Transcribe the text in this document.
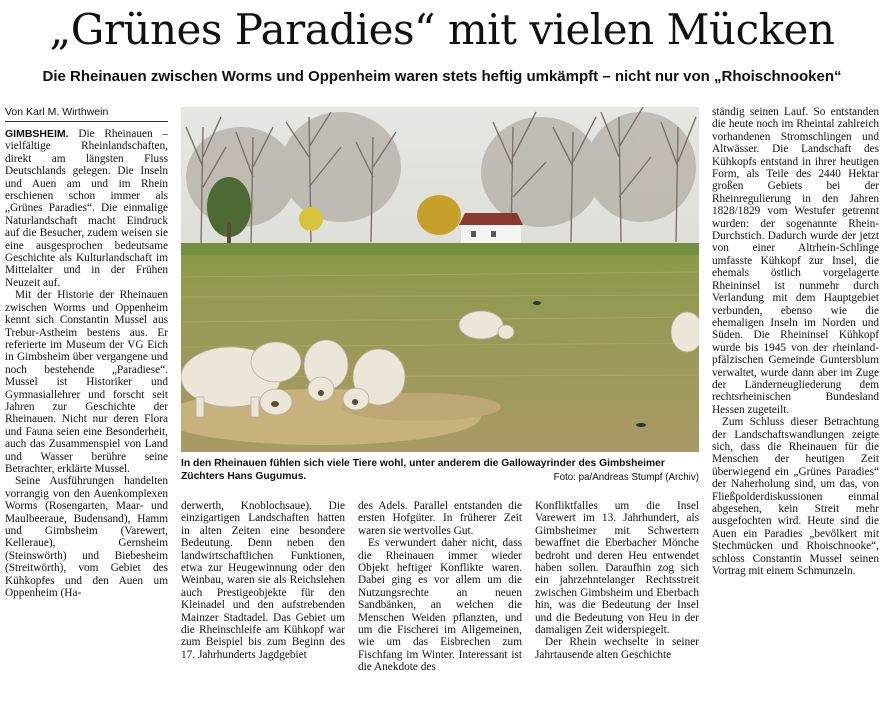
„Grünes Paradies“ mit vielen Mücken
Die Rheinauen zwischen Worms und Oppenheim waren stets heftig umkämpft – nicht nur von „Rhoischnooken“
Von Karl M. Wirthwein

GIMBSHEIM. Die Rheinauen – vielfältige Rheinlandschaften, direkt am längsten Fluss Deutschlands gelegen. Die Inseln und Auen am und im Rhein erschienen schon immer als „Grünes Paradies“. Die einmalige Naturlandschaft macht Eindruck auf die Besucher, zudem weisen sie eine ausgesprochen bedeutsame Geschichte als Kulturlandschaft im Mittelalter und in der Frühen Neuzeit auf.

Mit der Historie der Rheinauen zwischen Worms und Oppenheim kennt sich Constantin Mussel aus Trebur-Astheim bestens aus. Er referierte im Museum der VG Eich in Gimbsheim über vergangene und noch bestehende „Paradiese“. Mussel ist Historiker und Gymnasiallehrer und forscht seit Jahren zur Geschichte der Rheinauen. Nicht nur deren Flora und Fauna seien eine Besonderheit, auch das Zusammenspiel von Land und Wasser berühre seine Betrachter, erklärte Mussel.

Seine Ausführungen handelten vorrangig von den Auenkomplexen Worms (Rosengarten, Maar- und Maulbeeraue, Budensand), Hamm und Gimbsheim (Varewert, Kelleraue), Gernsheim (Steinswörth) und Biebesheim (Streitwörth), vom Gebiet des Kühkopfes und den Auen um Oppenheim (Ha-

In den Rheinauen fühlen sich viele Tiere wohl, unter anderem die Gallowayrinder des Gimbsheimer Züchters Hans Gugumus.	Foto: pa/Andreas Stumpf (Archiv)

derwerth, Knoblochsaue). Die einzigartigen Landschaften hatten in alten Zeiten eine besondere Bedeutung. Denn neben den landwirtschaftlichen Funktionen, etwa zur Heugewinnung oder den Weinbau, waren sie als Reichslehen auch Prestigeobjekte für den Kleinadel und den aufstrebenden Mainzer Stadtadel. Das Gebiet um die Rheinschleife am Kühkopf war zum Beispiel bis zum Beginn des 17. Jahrhunderts Jagdgebiet

des Adels. Parallel entstanden die ersten Hofgüter. In früherer Zeit waren sie wertvolles Gut.

Es verwundert daher nicht, dass die Rheinauen immer wieder Objekt heftiger Konflikte waren. Dabei ging es vor allem um die Nutzungsrechte an neuen Sandbänken, an welchen die Menschen Weiden pflanzten, und um die Fischerei im Allgemeinen, wie um das Eisbrechen zum Fischfang im Winter. Interessant ist die Anekdote des

Konfliktfalles um die Insel Varewert im 13. Jahrhundert, als Gimbsheimer mit Schwertern bewaffnet die Eberbacher Mönche bedroht und deren Heu entwendet haben sollen. Daraufhin zog sich ein jahrzehntelanger Rechtsstreit zwischen Gimbsheim und Eberbach hin, was die Bedeutung der Insel und die Bedeutung von Heu in der damaligen Zeit widerspiegelt.

Der Rhein wechselte in seiner Jahrtausende alten Geschichte

ständig seinen Lauf. So entstanden die heute noch im Rheintal zahlreich vorhandenen Stromschlingen und Altwässer. Die Landschaft des Kühkopfs entstand in ihrer heutigen Form, als Teile des 2440 Hektar großen Gebiets bei der Rheinregulierung in den Jahren 1828/1829 vom Westufer getrennt wurden: der sogenannte Rhein-Durchstich. Dadurch wurde der jetzt von einer Altrhein-Schlinge umfasste Kühkopf zur Insel, die ehemals östlich vorgelagerte Rheininsel ist nunmehr durch Verlandung mit dem Hauptgebiet verbunden, ebenso wie die ehemaligen Inseln im Norden und Süden. Die Rheininsel Kühkopf wurde bis 1945 von der rheinland-pfälzischen Gemeinde Guntersblum verwaltet, wurde dann aber im Zuge der Länderneugliederung dem rechtsrheinischen Bundesland Hessen zugeteilt.

Zum Schluss dieser Betrachtung der Landschaftswandlungen zeigte sich, dass die Rheinauen für die Menschen der heutigen Zeit überwiegend ein „Grünes Paradies“ der Naherholung sind, um das, von Fließpolderdiskussionen einmal abgesehen, kein Streit mehr ausgefochten wird. Heute sind die Auen ein Paradies „bevölkert mit Stechmücken und Rhoischnooke“, schloss Constantin Mussel seinen Vortrag mit einem Schmunzeln.
